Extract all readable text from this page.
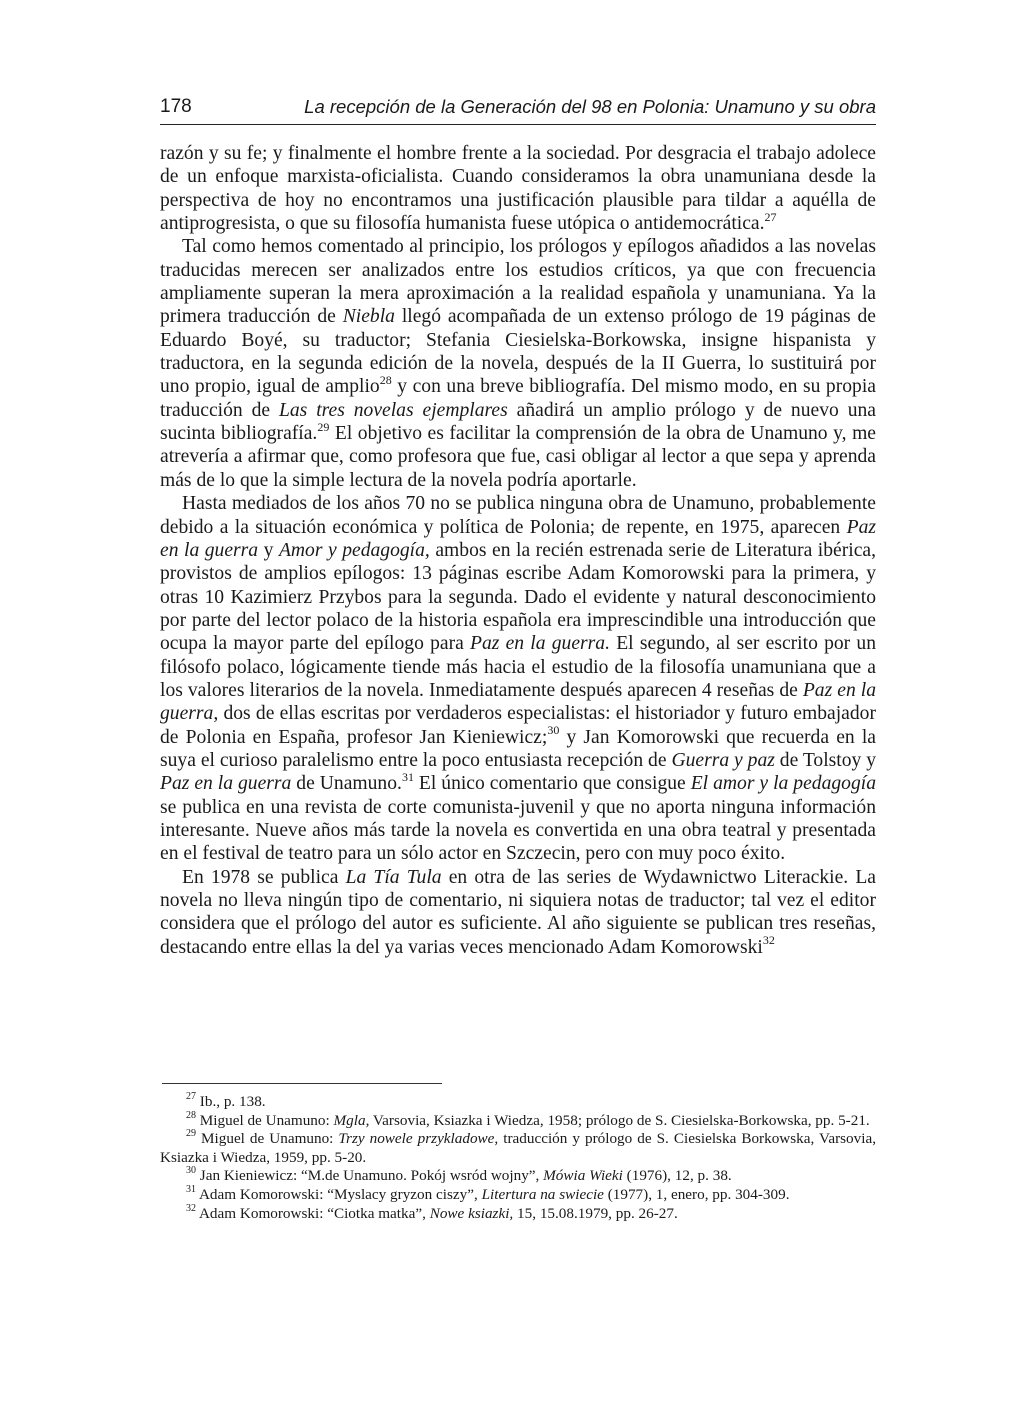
178	La recepción de la Generación del 98 en Polonia: Unamuno y su obra

razón y su fe; y finalmente el hombre frente a la sociedad. Por desgracia el trabajo adolece de un enfoque marxista-oficialista. Cuando consideramos la obra unamuniana desde la perspectiva de hoy no encontramos una justificación plausible para tildar a aquélla de antiprogresista, o que su filosofía humanista fuese utópica o antidemocrática.$^{27}$

Tal como hemos comentado al principio, los prólogos y epílogos añadidos a las novelas traducidas merecen ser analizados entre los estudios críticos, ya que con frecuencia ampliamente superan la mera aproximación a la realidad española y unamuniana. Ya la primera traducción de Niebla llegó acompañada de un extenso prólogo de 19 páginas de Eduardo Boyé, su traductor; Stefania Ciesielska-Borkowska, insigne hispanista y traductora, en la segunda edición de la novela, después de la II Guerra, lo sustituirá por uno propio, igual de amplio$^{28}$ y con una breve bibliografía. Del mismo modo, en su propia traducción de Las tres novelas ejemplares añadirá un amplio prólogo y de nuevo una sucinta bibliografía.$^{29}$ El objetivo es facilitar la comprensión de la obra de Unamuno y, me atrevería a afirmar que, como profesora que fue, casi obligar al lector a que sepa y aprenda más de lo que la simple lectura de la novela podría aportarle.

Hasta mediados de los años 70 no se publica ninguna obra de Unamuno, probablemente debido a la situación económica y política de Polonia; de repente, en 1975, aparecen Paz en la guerra y Amor y pedagogía, ambos en la recién estrenada serie de Literatura ibérica, provistos de amplios epílogos: 13 páginas escribe Adam Komorowski para la primera, y otras 10 Kazimierz Przybos para la segunda. Dado el evidente y natural desconocimiento por parte del lector polaco de la historia española era imprescindible una introducción que ocupa la mayor parte del epílogo para Paz en la guerra. El segundo, al ser escrito por un filósofo polaco, lógicamente tiende más hacia el estudio de la filosofía unamuniana que a los valores literarios de la novela. Inmediatamente después aparecen 4 reseñas de Paz en la guerra, dos de ellas escritas por verdaderos especialistas: el historiador y futuro embajador de Polonia en España, profesor Jan Kieniewicz;$^{30}$ y Jan Komorowski que recuerda en la suya el curioso paralelismo entre la poco entusiasta recepción de Guerra y paz de Tolstoy y Paz en la guerra de Unamuno.$^{31}$ El único comentario que consigue El amor y la pedagogía se publica en una revista de corte comunista-juvenil y que no aporta ninguna información interesante. Nueve años más tarde la novela es convertida en una obra teatral y presentada en el festival de teatro para un sólo actor en Szczecin, pero con muy poco éxito.

En 1978 se publica La Tía Tula en otra de las series de Wydawnictwo Literackie. La novela no lleva ningún tipo de comentario, ni siquiera notas de traductor; tal vez el editor considera que el prólogo del autor es suficiente. Al año siguiente se publican tres reseñas, destacando entre ellas la del ya varias veces mencionado Adam Komorowski$^{32}$

$^{27}$ Ib., p. 138.

$^{28}$ Miguel de Unamuno: Mgla, Varsovia, Ksiazka i Wiedza, 1958; prólogo de S. Ciesielska-Borkowska, pp. 5-21.

$^{29}$ Miguel de Unamuno: Trzy nowele przykladowe, traducción y prólogo de S. Ciesielska Borkowska, Varsovia, Ksiazka i Wiedza, 1959, pp. 5-20.

$^{30}$ Jan Kieniewicz: “M.de Unamuno. Pokój wsród wojny”, Mówia Wieki (1976), 12, p. 38.

$^{31}$ Adam Komorowski: “Myslacy gryzon ciszy”, Litertura na swiecie (1977), 1, enero, pp. 304-309.

$^{32}$ Adam Komorowski: “Ciotka matka”, Nowe ksiazki, 15, 15.08.1979, pp. 26-27.
